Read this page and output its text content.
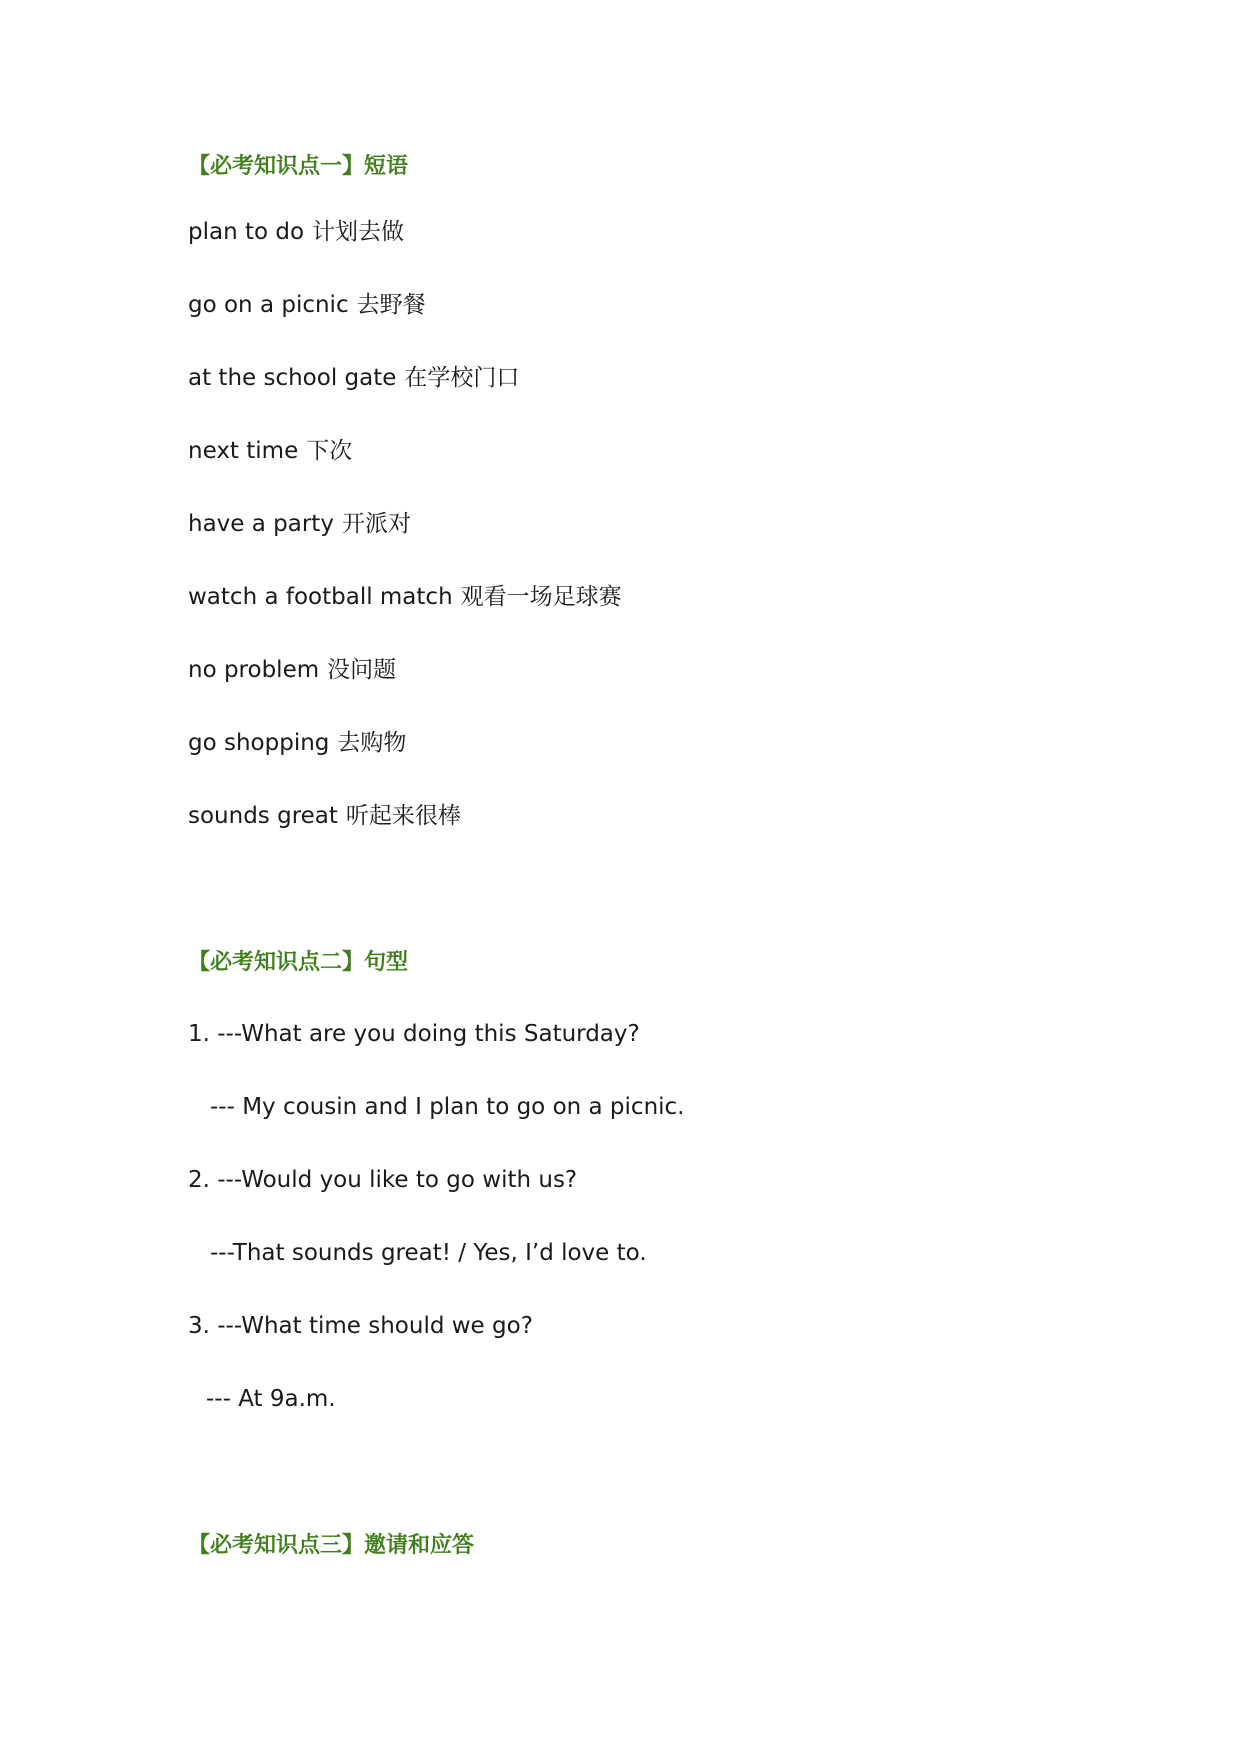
【必考知识点一】短语
plan to do 计划去做
go on a picnic 去野餐
at the school gate 在学校门口
next time 下次
have a party 开派对
watch a football match 观看一场足球赛
no problem 没问题
go shopping 去购物
sounds great 听起来很棒
【必考知识点二】句型
1. ---What are you doing this Saturday?
--- My cousin and I plan to go on a picnic.
2. ---Would you like to go with us?
---That sounds great! / Yes, I’d love to.
3. ---What time should we go?
--- At 9a.m.
【必考知识点三】邀请和应答
